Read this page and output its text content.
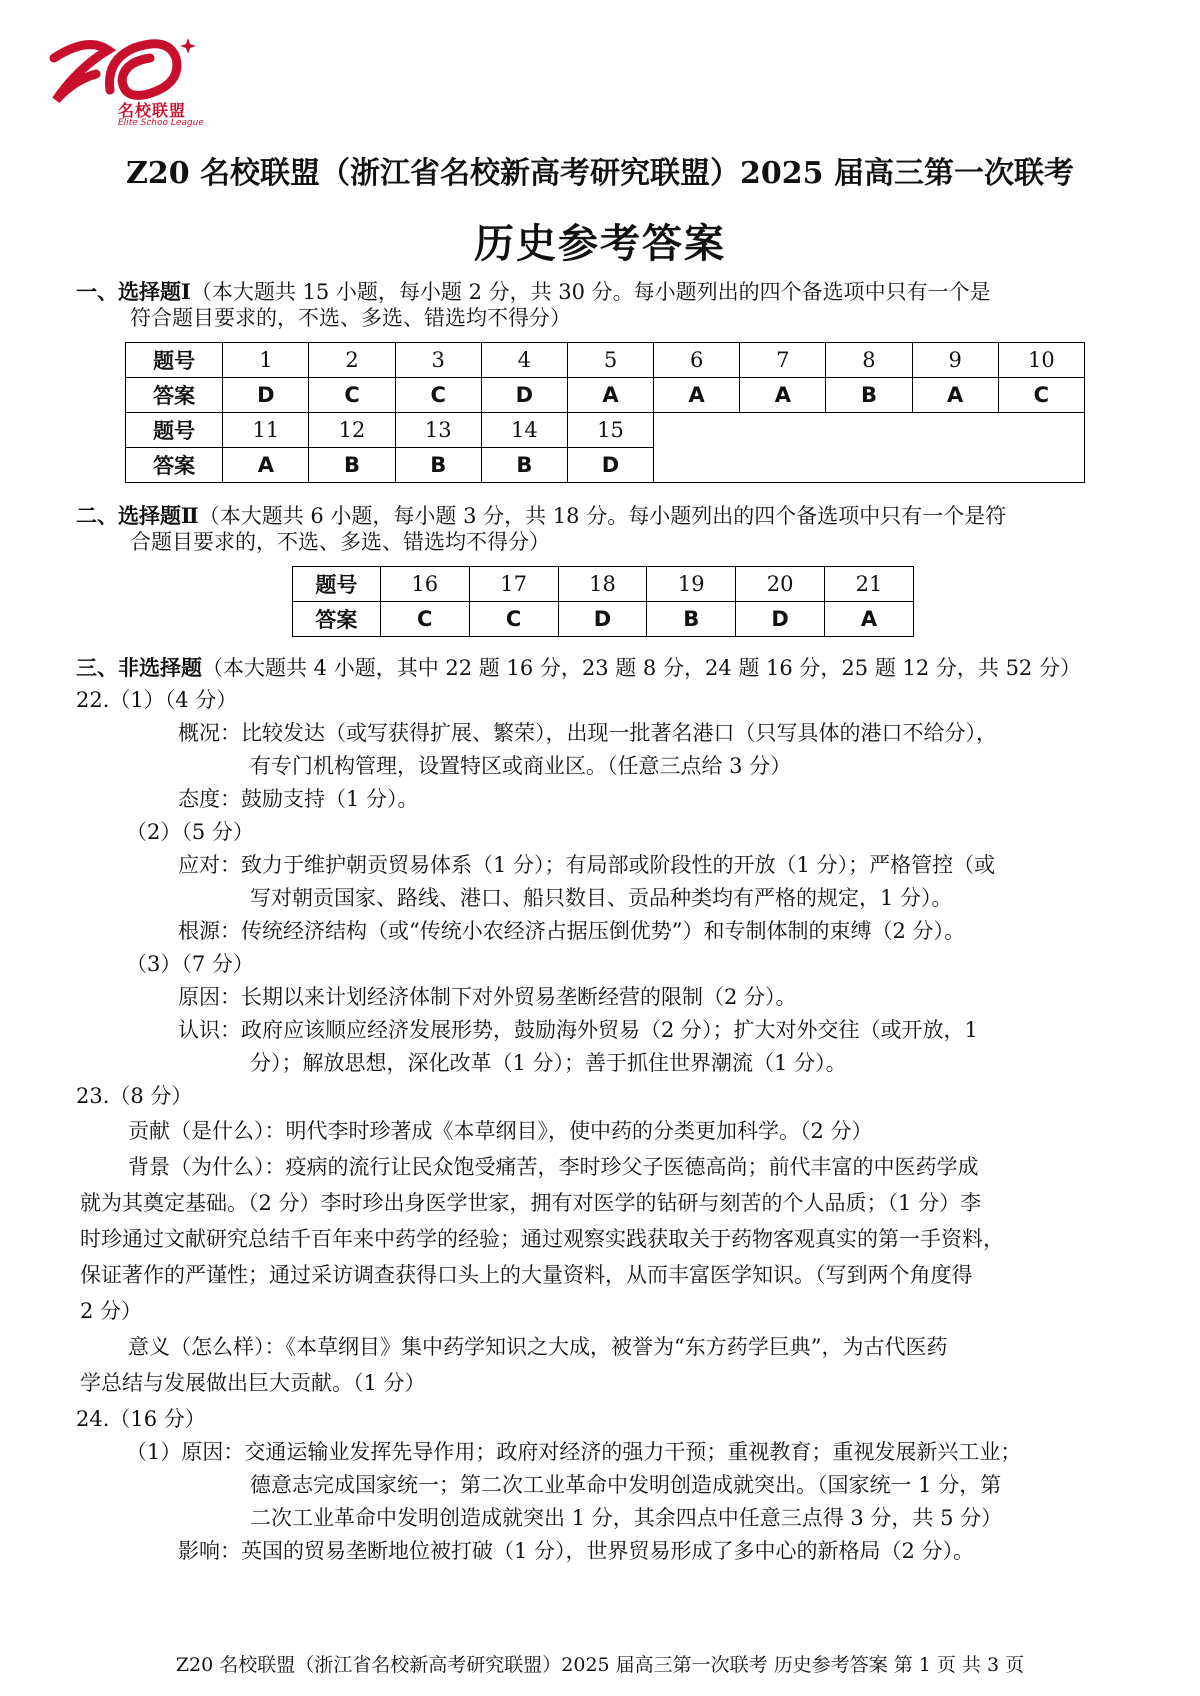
名校联盟
Elite Schoo League
Z20 名校联盟（浙江省名校新高考研究联盟）2025 届高三第一次联考
历史参考答案
一、选择题Ⅰ（本大题共 15 小题，每小题 2 分，共 30 分。每小题列出的四个备选项中只有一个是
符合题目要求的，不选、多选、错选均不得分）
题号	1	2	3	4	5	6	7	8	9	10
答案	D	C	C	D	A	A	A	B	A	C
题号	11	12	13	14	15					
答案	A	B	B	B	D					
二、选择题Ⅱ（本大题共 6 小题，每小题 3 分，共 18 分。每小题列出的四个备选项中只有一个是符
合题目要求的，不选、多选、错选均不得分）
题号	16	17	18	19	20	21
答案	C	C	D	B	D	A
三、非选择题（本大题共 4 小题，其中 22 题 16 分，23 题 8 分，24 题 16 分，25 题 12 分，共 52 分）
22.（1）（4 分）
概况：比较发达（或写获得扩展、繁荣），出现一批著名港口（只写具体的港口不给分），
有专门机构管理，设置特区或商业区。（任意三点给 3 分）
态度：鼓励支持（1 分）。
（2）（5 分）
应对：致力于维护朝贡贸易体系（1 分）；有局部或阶段性的开放（1 分）；严格管控（或
写对朝贡国家、路线、港口、船只数目、贡品种类均有严格的规定，1 分）。
根源：传统经济结构（或“传统小农经济占据压倒优势”）和专制体制的束缚（2 分）。
（3）（7 分）
原因：长期以来计划经济体制下对外贸易垄断经营的限制（2 分）。
认识：政府应该顺应经济发展形势，鼓励海外贸易（2 分）；扩大对外交往（或开放，1
分）；解放思想，深化改革（1 分）；善于抓住世界潮流（1 分）。
23.（8 分）
贡献（是什么）：明代李时珍著成《本草纲目》，使中药的分类更加科学。（2 分）
背景（为什么）：疫病的流行让民众饱受痛苦，李时珍父子医德高尚；前代丰富的中医药学成
就为其奠定基础。（2 分）李时珍出身医学世家，拥有对医学的钻研与刻苦的个人品质；（1 分）李
时珍通过文献研究总结千百年来中药学的经验；通过观察实践获取关于药物客观真实的第一手资料，
保证著作的严谨性；通过采访调查获得口头上的大量资料，从而丰富医学知识。（写到两个角度得
2 分）
意义（怎么样）：《本草纲目》集中药学知识之大成，被誉为“东方药学巨典”，为古代医药
学总结与发展做出巨大贡献。（1 分）
24.（16 分）
（1）原因：交通运输业发挥先导作用；政府对经济的强力干预；重视教育；重视发展新兴工业；
德意志完成国家统一；第二次工业革命中发明创造成就突出。（国家统一 1 分，第
二次工业革命中发明创造成就突出 1 分，其余四点中任意三点得 3 分，共 5 分）
影响：英国的贸易垄断地位被打破（1 分），世界贸易形成了多中心的新格局（2 分）。
Z20 名校联盟（浙江省名校新高考研究联盟）2025 届高三第一次联考 历史参考答案 第 1 页 共 3 页
